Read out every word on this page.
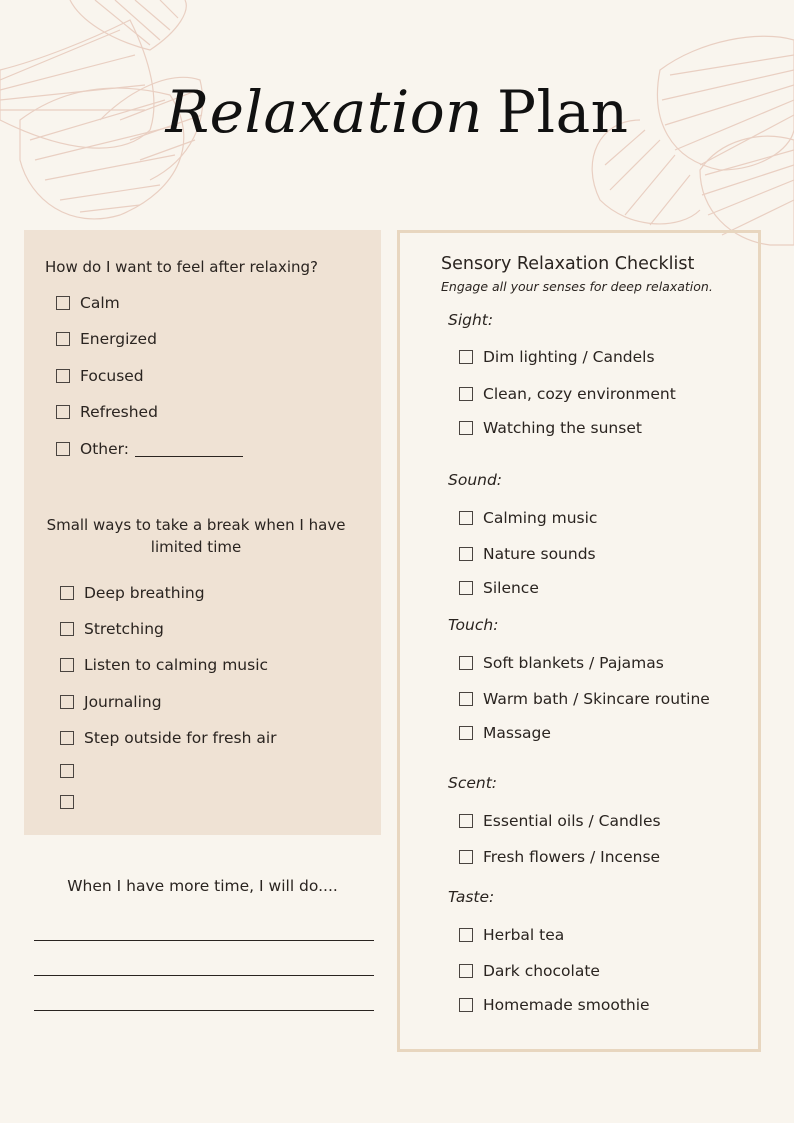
Relaxation Plan
How do I want to feel after relaxing?
Calm
Energized
Focused
Refreshed
Other:
Small ways to take a break when I have limited time
Deep breathing
Stretching
Listen to calming music
Journaling
Step outside for fresh air
When I have more time, I will do....
Sensory Relaxation Checklist
Engage all your senses for deep relaxation.
Sight:
Dim lighting / Candels
Clean, cozy environment
Watching the sunset
Sound:
Calming music
Nature sounds
Silence
Touch:
Soft blankets / Pajamas
Warm bath / Skincare routine
Massage
Scent:
Essential oils / Candles
Fresh flowers / Incense
Taste:
Herbal tea
Dark chocolate
Homemade smoothie
